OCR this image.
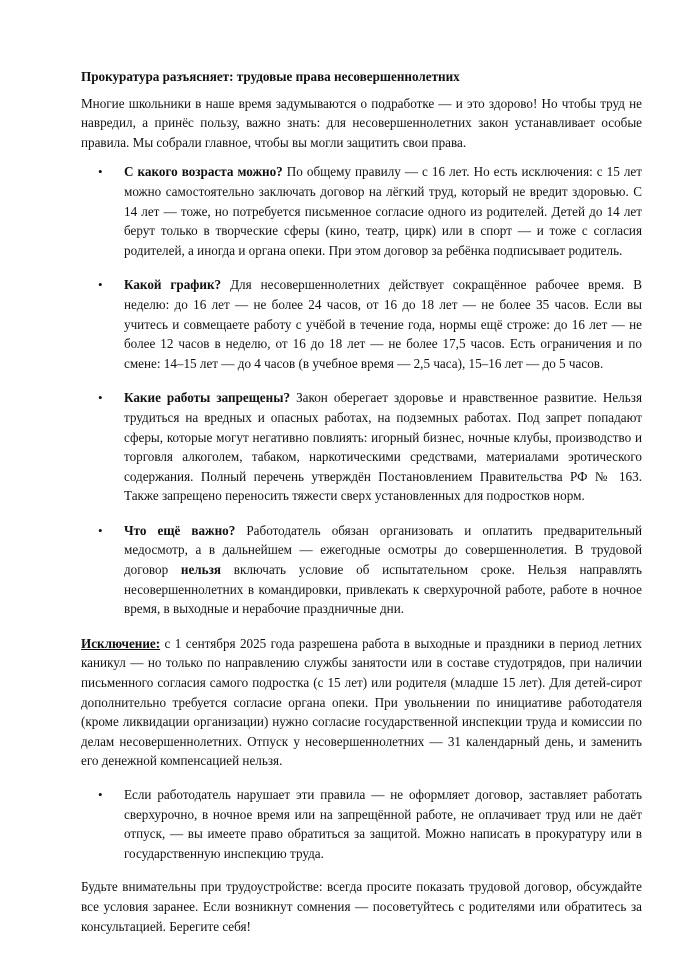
Прокуратура разъясняет: трудовые права несовершеннолетних

Многие школьники в наше время задумываются о подработке — и это здорово! Но чтобы труд не навредил, а принёс пользу, важно знать: для несовершеннолетних закон устанавливает особые правила. Мы собрали главное, чтобы вы могли защитить свои права.

• С какого возраста можно? По общему правилу — с 16 лет. Но есть исключения: с 15 лет можно самостоятельно заключать договор на лёгкий труд, который не вредит здоровью. С 14 лет — тоже, но потребуется письменное согласие одного из родителей. Детей до 14 лет берут только в творческие сферы (кино, театр, цирк) или в спорт — и тоже с согласия родителей, а иногда и органа опеки. При этом договор за ребёнка подписывает родитель.
• Какой график? Для несовершеннолетних действует сокращённое рабочее время. В неделю: до 16 лет — не более 24 часов, от 16 до 18 лет — не более 35 часов. Если вы учитесь и совмещаете работу с учёбой в течение года, нормы ещё строже: до 16 лет — не более 12 часов в неделю, от 16 до 18 лет — не более 17,5 часов. Есть ограничения и по смене: 14–15 лет — до 4 часов (в учебное время — 2,5 часа), 15–16 лет — до 5 часов.
• Какие работы запрещены? Закон оберегает здоровье и нравственное развитие. Нельзя трудиться на вредных и опасных работах, на подземных работах. Под запрет попадают сферы, которые могут негативно повлиять: игорный бизнес, ночные клубы, производство и торговля алкоголем, табаком, наркотическими средствами, материалами эротического содержания. Полный перечень утверждён Постановлением Правительства РФ № 163. Также запрещено переносить тяжести сверх установленных для подростков норм.
• Что ещё важно? Работодатель обязан организовать и оплатить предварительный медосмотр, а в дальнейшем — ежегодные осмотры до совершеннолетия. В трудовой договор нельзя включать условие об испытательном сроке. Нельзя направлять несовершеннолетних в командировки, привлекать к сверхурочной работе, работе в ночное время, в выходные и нерабочие праздничные дни.

Исключение: с 1 сентября 2025 года разрешена работа в выходные и праздники в период летних каникул — но только по направлению службы занятости или в составе студотрядов, при наличии письменного согласия самого подростка (с 15 лет) или родителя (младше 15 лет). Для детей-сирот дополнительно требуется согласие органа опеки. При увольнении по инициативе работодателя (кроме ликвидации организации) нужно согласие государственной инспекции труда и комиссии по делам несовершеннолетних. Отпуск у несовершеннолетних — 31 календарный день, и заменить его денежной компенсацией нельзя.

• Если работодатель нарушает эти правила — не оформляет договор, заставляет работать сверхурочно, в ночное время или на запрещённой работе, не оплачивает труд или не даёт отпуск, — вы имеете право обратиться за защитой. Можно написать в прокуратуру или в государственную инспекцию труда.

Будьте внимательны при трудоустройстве: всегда просите показать трудовой договор, обсуждайте все условия заранее. Если возникнут сомнения — посоветуйтесь с родителями или обратитесь за консультацией. Берегите себя!
